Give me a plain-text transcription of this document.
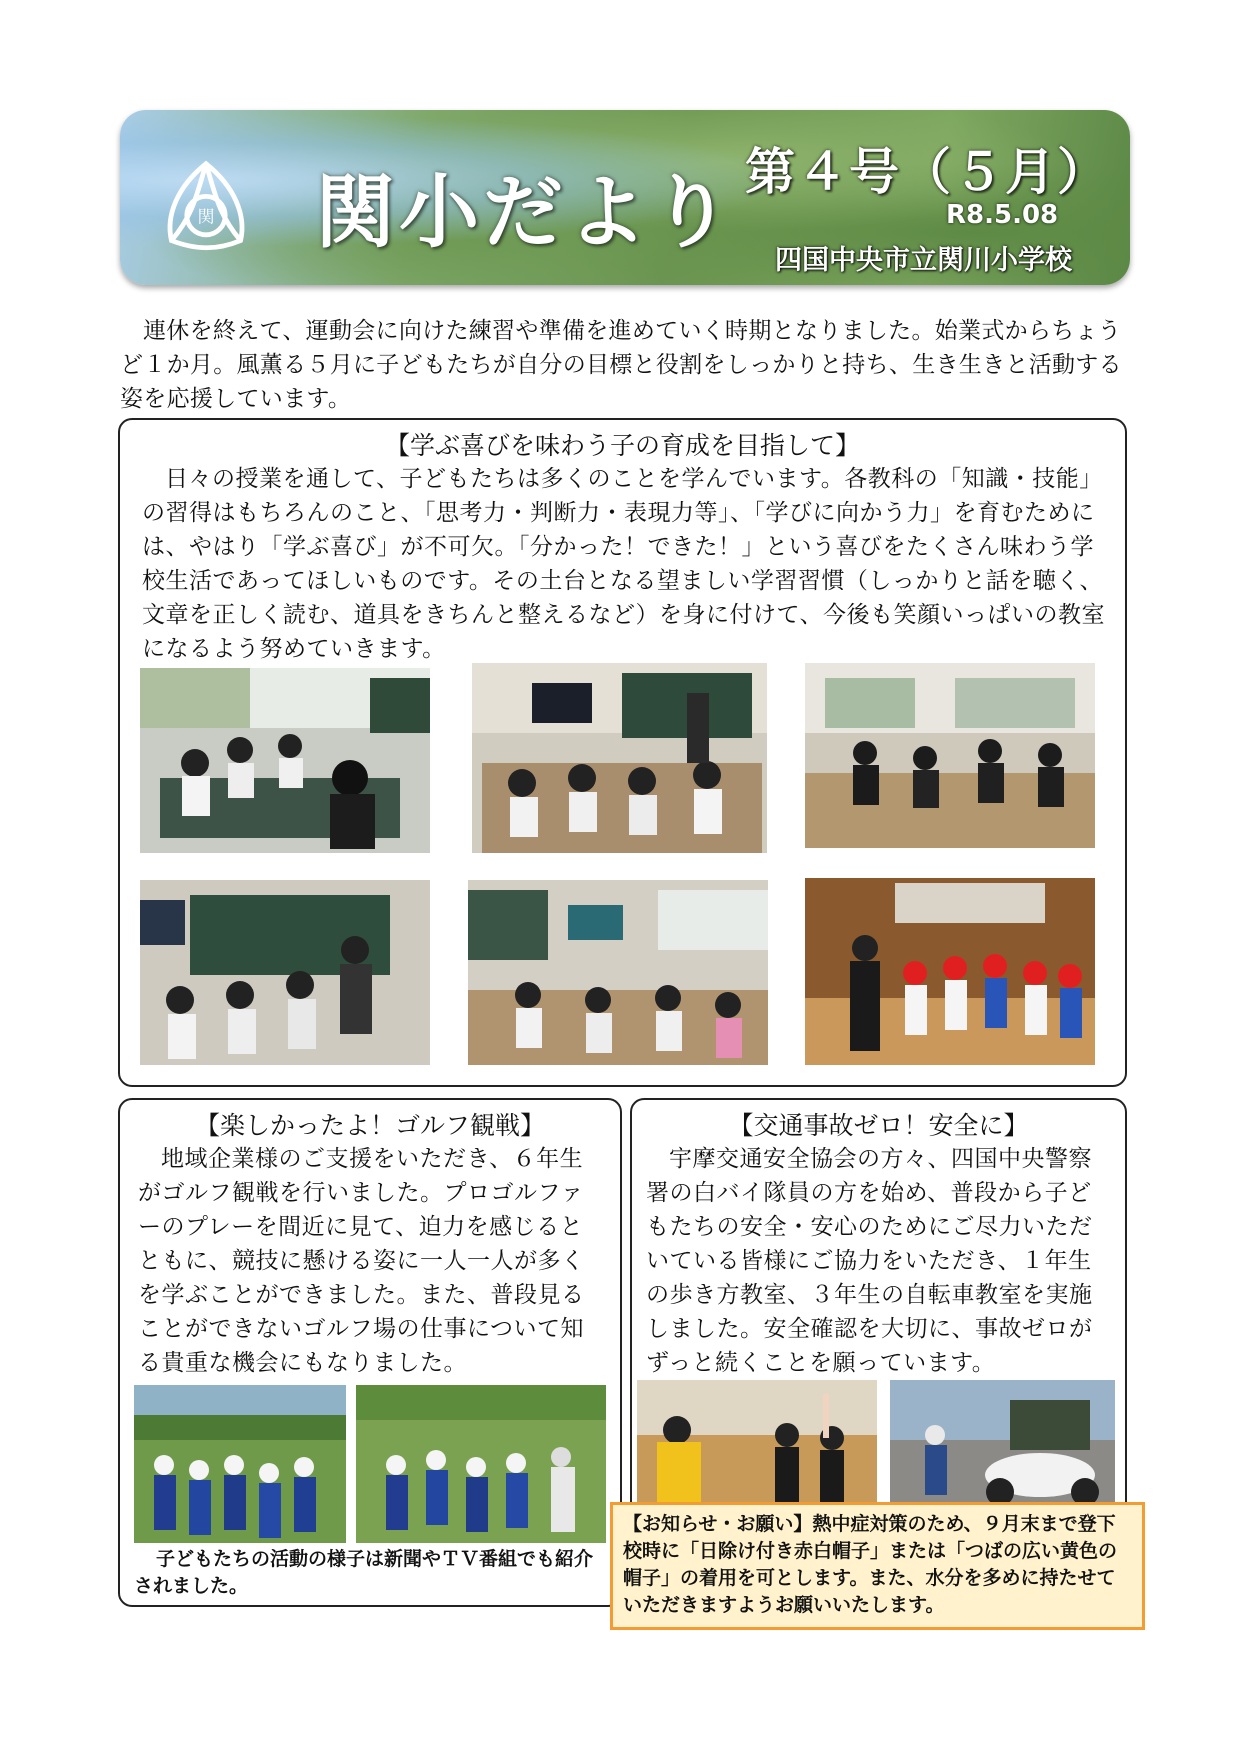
関 関小だより 第４号（５月）
R8.5.08
四国中央市立関川小学校
連休を終えて、運動会に向けた練習や準備を進めていく時期となりました。始業式からちょうど１か月。風薫る５月に子どもたちが自分の目標と役割をしっかりと持ち、生き生きと活動する姿を応援しています。
【学ぶ喜びを味わう子の育成を目指して】
日々の授業を通して、子どもたちは多くのことを学んでいます。各教科の「知識・技能」の習得はもちろんのこと、「思考力・判断力・表現力等」、「学びに向かう力」を育むためには、やはり「学ぶ喜び」が不可欠。「分かった！できた！」という喜びをたくさん味わう学校生活であってほしいものです。その土台となる望ましい学習習慣（しっかりと話を聴く、文章を正しく読む、道具をきちんと整えるなど）を身に付けて、今後も笑顔いっぱいの教室になるよう努めていきます。
【楽しかったよ！ゴルフ観戦】
地域企業様のご支援をいただき、６年生がゴルフ観戦を行いました。プロゴルファーのプレーを間近に見て、迫力を感じるとともに、競技に懸ける姿に一人一人が多くを学ぶことができました。また、普段見ることができないゴルフ場の仕事について知る貴重な機会にもなりました。
子どもたちの活動の様子は新聞やＴＶ番組でも紹介されました。
【交通事故ゼロ！安全に】
宇摩交通安全協会の方々、四国中央警察署の白バイ隊員の方を始め、普段から子どもたちの安全・安心のためにご尽力いただいている皆様にご協力をいただき、１年生の歩き方教室、３年生の自転車教室を実施しました。安全確認を大切に、事故ゼロがずっと続くことを願っています。
【お知らせ・お願い】熱中症対策のため、９月末まで登下校時に「日除け付き赤白帽子」または「つばの広い黄色の帽子」の着用を可とします。また、水分を多めに持たせていただきますようお願いいたします。
